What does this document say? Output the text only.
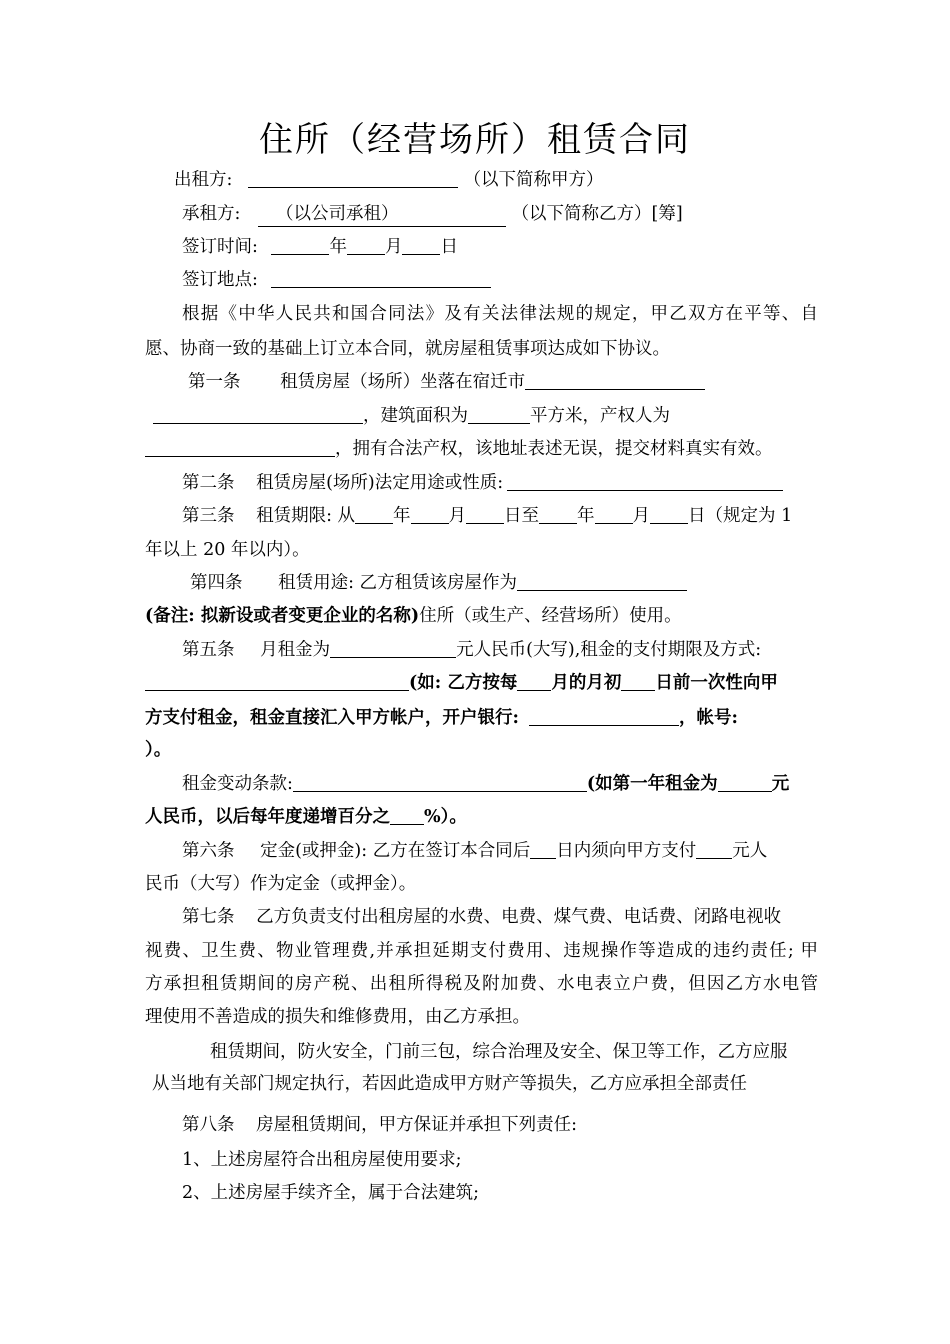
住所（经营场所）租赁合同
出租方:	（以下简称甲方）
承租方: （以公司承租）	（以下简称乙方）[筹]
签订时间:	年 月 日
签订地点:
根据《中华人民共和国合同法》及有关法律法规的规定，甲乙双方在平等、自
愿、协商一致的基础上订立本合同，就房屋租赁事项达成如下协议。
第一条 租赁房屋（场所）坐落在宿迁市
，建筑面积为	平方米，产权人为
，拥有合法产权，该地址表述无误，提交材料真实有效。
第二条 租赁房屋(场所)法定用途或性质:
第三条 租赁期限: 从 年 月 日至 年 月 日（规定为 1
年以上 20 年以内）。
第四条 租赁用途: 乙方租赁该房屋作为
(备注: 拟新设或者变更企业的名称)住所（或生产、经营场所）使用。
第五条 月租金为	元人民币(大写),租金的支付期限及方式:
(如: 乙方按每 月的月初 日前一次性向甲
方支付租金，租金直接汇入甲方帐户，开户银行:	，帐号:
）。
租金变动条款:	(如第一年租金为	元
人民币，以后每年度递增百分之 %）。
第六条 定金(或押金): 乙方在签订本合同后 日内须向甲方支付 元人
民币（大写）作为定金（或押金）。
第七条 乙方负责支付出租房屋的水费、电费、煤气费、电话费、闭路电视收
视费、卫生费、物业管理费,并承担延期支付费用、违规操作等造成的违约责任; 甲
方承担租赁期间的房产税、出租所得税及附加费、水电表立户费，但因乙方水电管
理使用不善造成的损失和维修费用，由乙方承担。
租赁期间，防火安全，门前三包，综合治理及安全、保卫等工作，乙方应服
从当地有关部门规定执行，若因此造成甲方财产等损失，乙方应承担全部责任
第八条 房屋租赁期间，甲方保证并承担下列责任:
1、上述房屋符合出租房屋使用要求;
2、上述房屋手续齐全，属于合法建筑;
